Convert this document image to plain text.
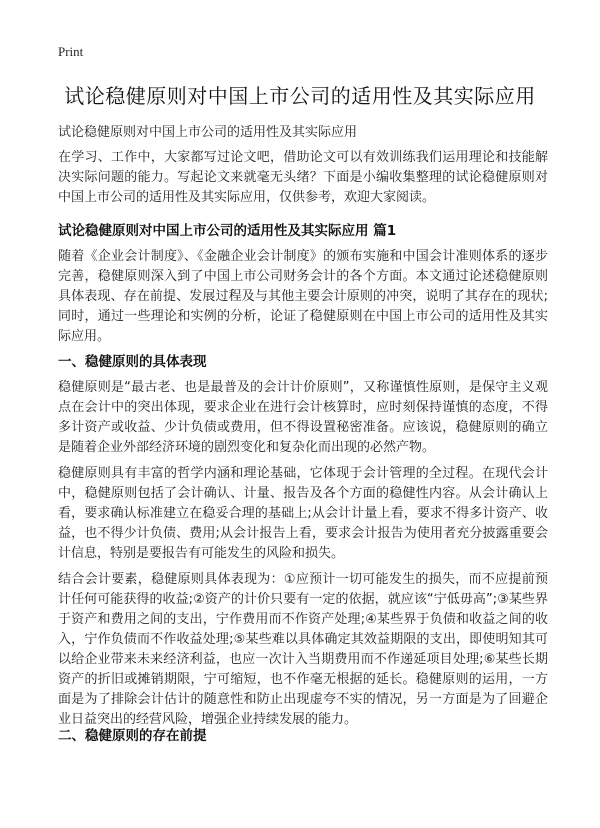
Print
试论稳健原则对中国上市公司的适用性及其实际应用
试论稳健原则对中国上市公司的适用性及其实际应用

在学习、工作中，大家都写过论文吧，借助论文可以有效训练我们运用理论和技能解决实际问题的能力。写起论文来就毫无头绪？下面是小编收集整理的试论稳健原则对中国上市公司的适用性及其实际应用，仅供参考，欢迎大家阅读。

试论稳健原则对中国上市公司的适用性及其实际应用 篇1

随着《企业会计制度》、《金融企业会计制度》的颁布实施和中国会计准则体系的逐步完善，稳健原则深入到了中国上市公司财务会计的各个方面。本文通过论述稳健原则具体表现、存在前提、发展过程及与其他主要会计原则的冲突，说明了其存在的现状;同时，通过一些理论和实例的分析，论证了稳健原则在中国上市公司的适用性及其实际应用。

一、稳健原则的具体表现

稳健原则是“最古老、也是最普及的会计计价原则”，又称谨慎性原则，是保守主义观点在会计中的突出体现，要求企业在进行会计核算时，应时刻保持谨慎的态度，不得多计资产或收益、少计负债或费用，但不得设置秘密准备。应该说，稳健原则的确立是随着企业外部经济环境的剧烈变化和复杂化而出现的必然产物。

稳健原则具有丰富的哲学内涵和理论基础，它体现于会计管理的全过程。在现代会计中，稳健原则包括了会计确认、计量、报告及各个方面的稳健性内容。从会计确认上看，要求确认标准建立在稳妥合理的基础上;从会计计量上看，要求不得多计资产、收益，也不得少计负债、费用;从会计报告上看，要求会计报告为使用者充分披露重要会计信息，特别是要报告有可能发生的风险和损失。

结合会计要素，稳健原则具体表现为：①应预计一切可能发生的损失，而不应提前预计任何可能获得的收益;②资产的计价只要有一定的依据，就应该“宁低毋高”;③某些界于资产和费用之间的支出，宁作费用而不作资产处理;④某些界于负债和收益之间的收入，宁作负债而不作收益处理;⑤某些难以具体确定其效益期限的支出，即使明知其可以给企业带来未来经济利益，也应一次计入当期费用而不作递延项目处理;⑥某些长期资产的折旧或摊销期限，宁可缩短，也不作毫无根据的延长。稳健原则的运用，一方面是为了排除会计估计的随意性和防止出现虚夸不实的情况，另一方面是为了回避企业日益突出的经营风险，增强企业持续发展的能力。

二、稳健原则的存在前提
